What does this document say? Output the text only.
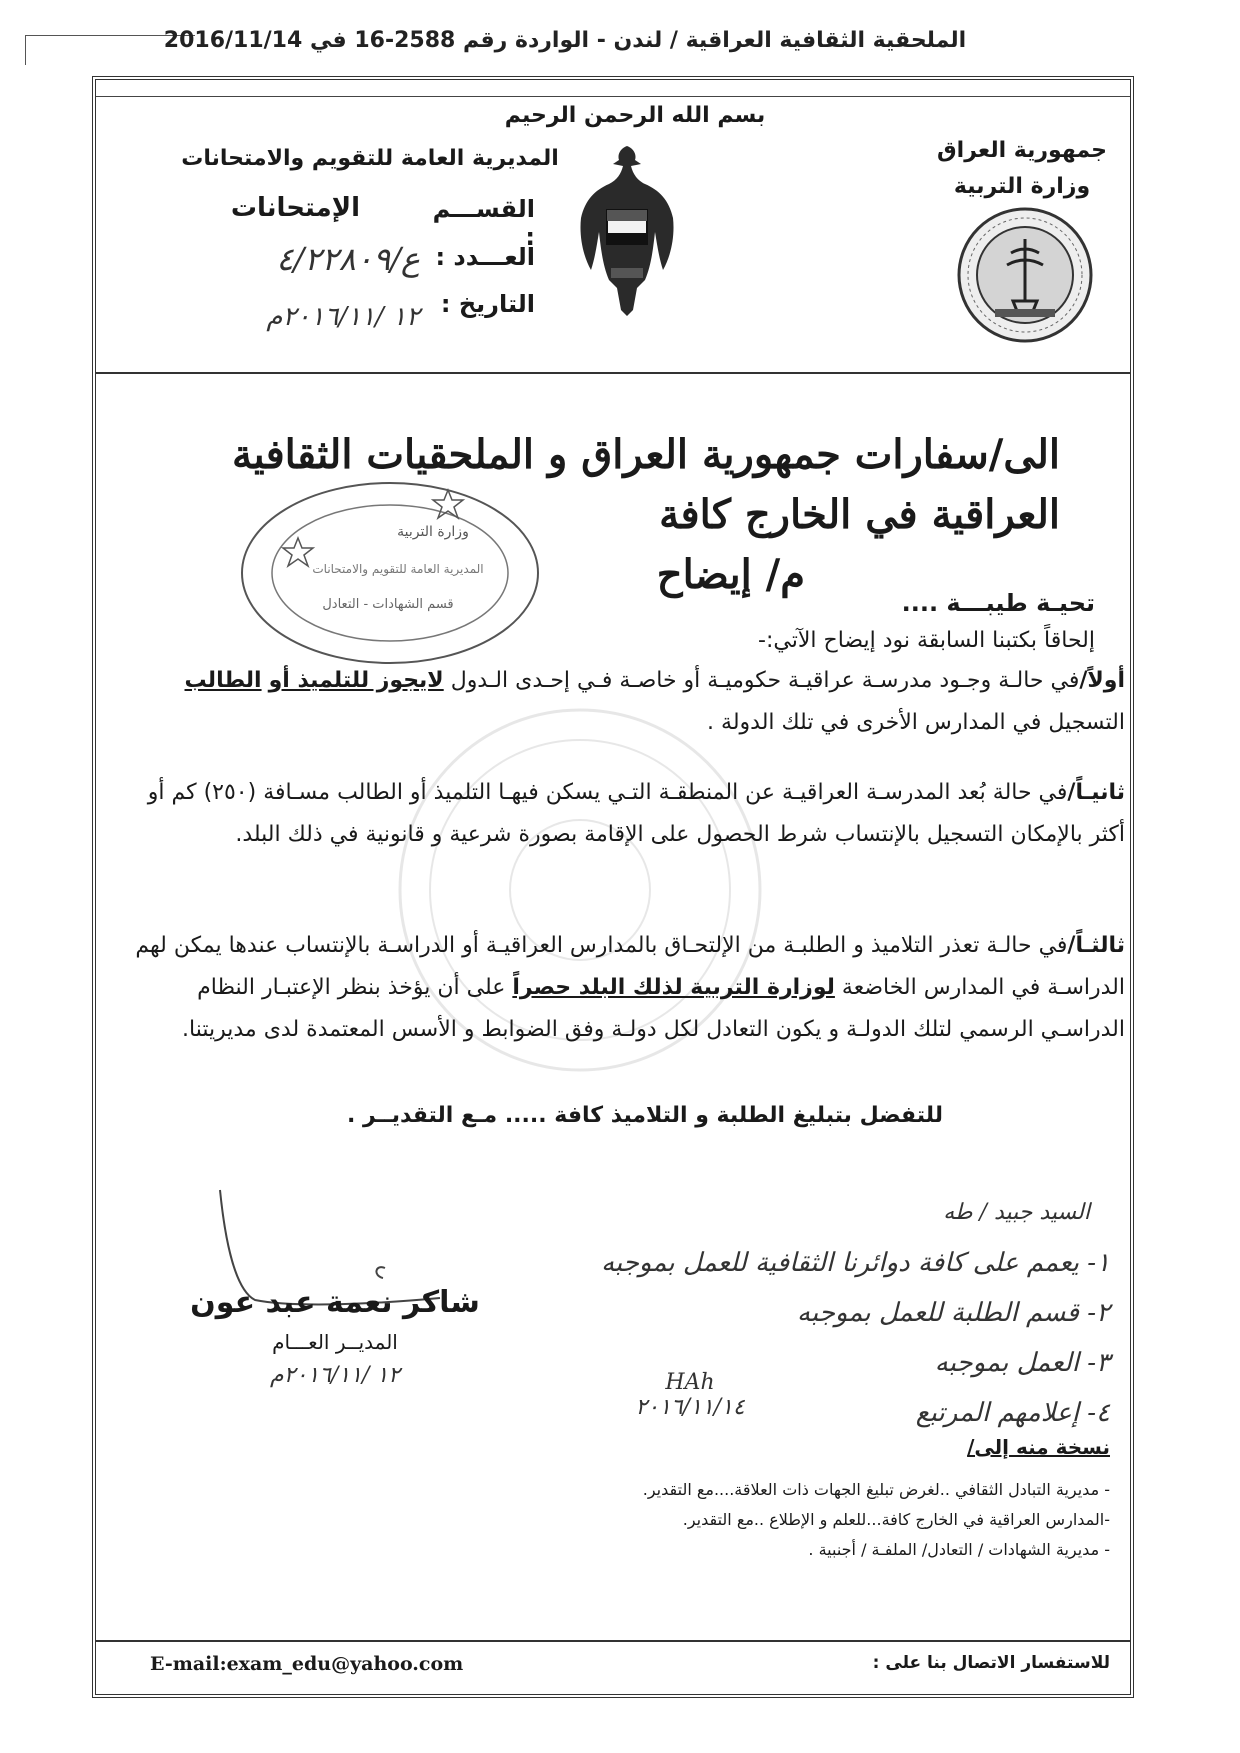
الملحقية الثقافية العراقية / لندن - الواردة رقم 2588-16 في 2016/11/14
بسم الله الرحمن الرحيم
المديرية العامة للتقويم والامتحانات	جمهورية العراق
وزارة التربية
القســـم :
الإمتحانات
العـــدد :
ع/٤/٢٢٨٠٩
التاريخ :
١٢ /٢٠١٦/١١م
الى/سفارات جمهورية العراق و الملحقيات الثقافية العراقية في الخارج كافة
م/ إيضاح
وزارة التربية
المديرية العامة للتقويم والامتحانات
قسم الشهادات - التعادل	تحيـة طيبـــة ....
إلحاقاً بكتبنا السابقة نود إيضاح الآتي:-
أولاً/في حالـة وجـود مدرسـة عراقيـة حكوميـة أو خاصـة فـي إحـدى الـدول لايجوز للتلميذ أو الطالب التسجيل في المدارس الأخرى في تلك الدولة .
ثانيـاً/في حالة بُعد المدرسـة العراقيـة عن المنطقـة التـي يسكن فيهـا التلميذ أو الطالب مسـافة (٢٥٠) كم أو أكثر بالإمكان التسجيل بالإنتساب شرط الحصول على الإقامة بصورة شرعية و قانونية في ذلك البلد.
ثالثـاً/في حالـة تعذر التلاميذ و الطلبـة من الإلتحـاق بالمدارس العراقيـة أو الدراسـة بالإنتساب عندها يمكن لهم الدراسـة في المدارس الخاضعة لوزارة التربية لذلك البلد حصراً على أن يؤخذ بنظر الإعتبـار النظام الدراسـي الرسمي لتلك الدولـة و يكون التعادل لكل دولـة وفق الضوابط و الأسس المعتمدة لدى مديريتنا.
للتفضل بتبليغ الطلبة و التلاميذ كافة ..... مـع التقديــر .
شاكر نعمة عبد عون
المديــر العـــام
١٢ /٢٠١٦/١١م
السيد جبيد / طه
١- يعمم على كافة دوائرنا الثقافية للعمل بموجبه
٢- قسم الطلبة للعمل بموجبه
٣- العمل بموجبه
٤- إعلامهم المرتبع
HAh
٢٠١٦/١١/١٤
نسخة منه إلى/
- مديرية التبادل الثقافي ..لغرض تبليغ الجهات ذات العلاقة....مع التقدير.
-المدارس العراقية في الخارج كافة...للعلم و الإطلاع ..مع التقدير.
- مديرية الشهادات / التعادل/ الملفـة / أجنبية .
E-mail:exam_edu@yahoo.com	للاستفسار الاتصال بنا على :
